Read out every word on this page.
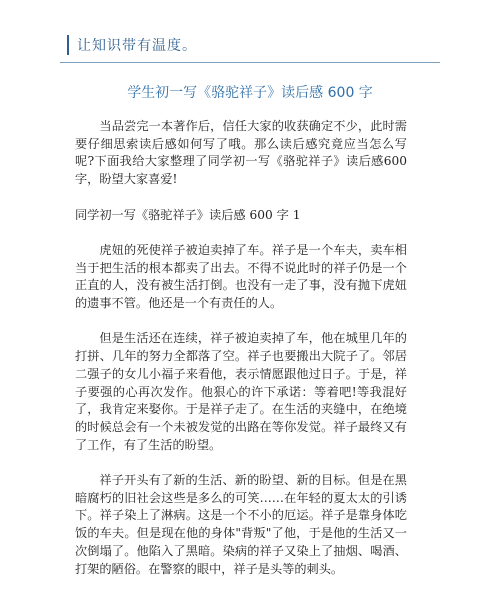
让知识带有温度。
学生初一写《骆驼祥子》读后感 600 字

当品尝完一本著作后，信任大家的收获确定不少，此时需要仔细思索读后感如何写了哦。那么读后感究竟应当怎么写呢?下面我给大家整理了同学初一写《骆驼祥子》读后感600字，盼望大家喜爱!

同学初一写《骆驼祥子》读后感 600 字 1

虎妞的死使祥子被迫卖掉了车。祥子是一个车夫，卖车相当于把生活的根本都卖了出去。不得不说此时的祥子仍是一个正直的人，没有被生活打倒。也没有一走了事，没有抛下虎妞的遗事不管。他还是一个有责任的人。

但是生活还在连续，祥子被迫卖掉了车，他在城里几年的打拼、几年的努力全都落了空。祥子也要搬出大院子了。邻居二强子的女儿小福子来看他，表示情愿跟他过日子。于是，祥子要强的心再次发作。他狠心的许下承诺：等着吧!等我混好了，我肯定来娶你。于是祥子走了。在生活的夹缝中，在绝境的时候总会有一个未被发觉的出路在等你发觉。祥子最终又有了工作，有了生活的盼望。

祥子开头有了新的生活、新的盼望、新的目标。但是在黑暗腐朽的旧社会这些是多么的可笑……在年轻的夏太太的引诱下。祥子染上了淋病。这是一个不小的厄运。祥子是靠身体吃饭的车夫。但是现在他的身体"背叛"了他，于是他的生活又一次倒塌了。他陷入了黑暗。染病的祥子又染上了抽烟、喝酒、打架的陋俗。在警察的眼中，祥子是头等的刺头。
